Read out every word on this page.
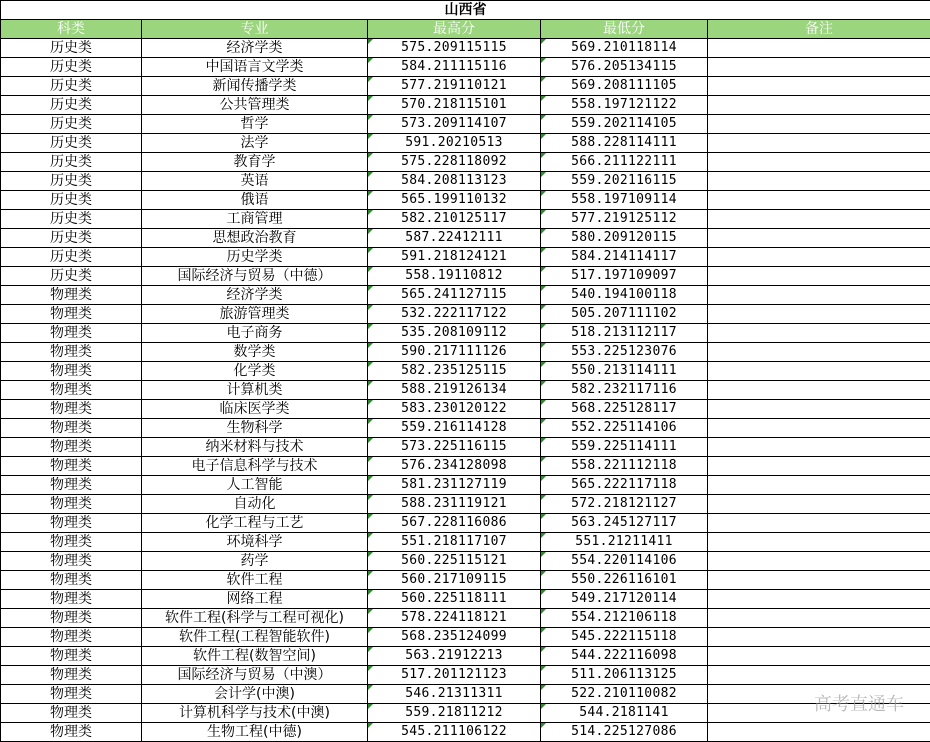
山西省				
科类	专业	最高分	最低分	备注
历史类	经济学类	575.209115115	569.210118114	
历史类	中国语言文学类	584.211115116	576.205134115	
历史类	新闻传播学类	577.219110121	569.208111105	
历史类	公共管理类	570.218115101	558.197121122	
历史类	哲学	573.209114107	559.202114105	
历史类	法学	591.20210513	588.228114111	
历史类	教育学	575.228118092	566.211122111	
历史类	英语	584.208113123	559.202116115	
历史类	俄语	565.199110132	558.197109114	
历史类	工商管理	582.210125117	577.219125112	
历史类	思想政治教育	587.22412111	580.209120115	
历史类	历史学类	591.218124121	584.214114117	
历史类	国际经济与贸易（中德）	558.19110812	517.197109097	
物理类	经济学类	565.241127115	540.194100118	
物理类	旅游管理类	532.222117122	505.207111102	
物理类	电子商务	535.208109112	518.213112117	
物理类	数学类	590.217111126	553.225123076	
物理类	化学类	582.235125115	550.213114111	
物理类	计算机类	588.219126134	582.232117116	
物理类	临床医学类	583.230120122	568.225128117	
物理类	生物科学	559.216114128	552.225114106	
物理类	纳米材料与技术	573.225116115	559.225114111	
物理类	电子信息科学与技术	576.234128098	558.221112118	
物理类	人工智能	581.231127119	565.222117118	
物理类	自动化	588.231119121	572.218121127	
物理类	化学工程与工艺	567.228116086	563.245127117	
物理类	环境科学	551.218117107	551.21211411	
物理类	药学	560.225115121	554.220114106	
物理类	软件工程	560.217109115	550.226116101	
物理类	网络工程	560.225118111	549.217120114	
物理类	软件工程(科学与工程可视化)	578.224118121	554.212106118	
物理类	软件工程(工程智能软件)	568.235124099	545.222115118	
物理类	软件工程(数智空间)	563.21912213	544.222116098	
物理类	国际经济与贸易（中澳）	517.201121123	511.206113125	
物理类	会计学(中澳)	546.21311311	522.210110082	
物理类	计算机科学与技术(中澳)	559.21811212	544.2181141	
物理类	生物工程(中德)	545.211106122	514.225127086	
高考直通车
